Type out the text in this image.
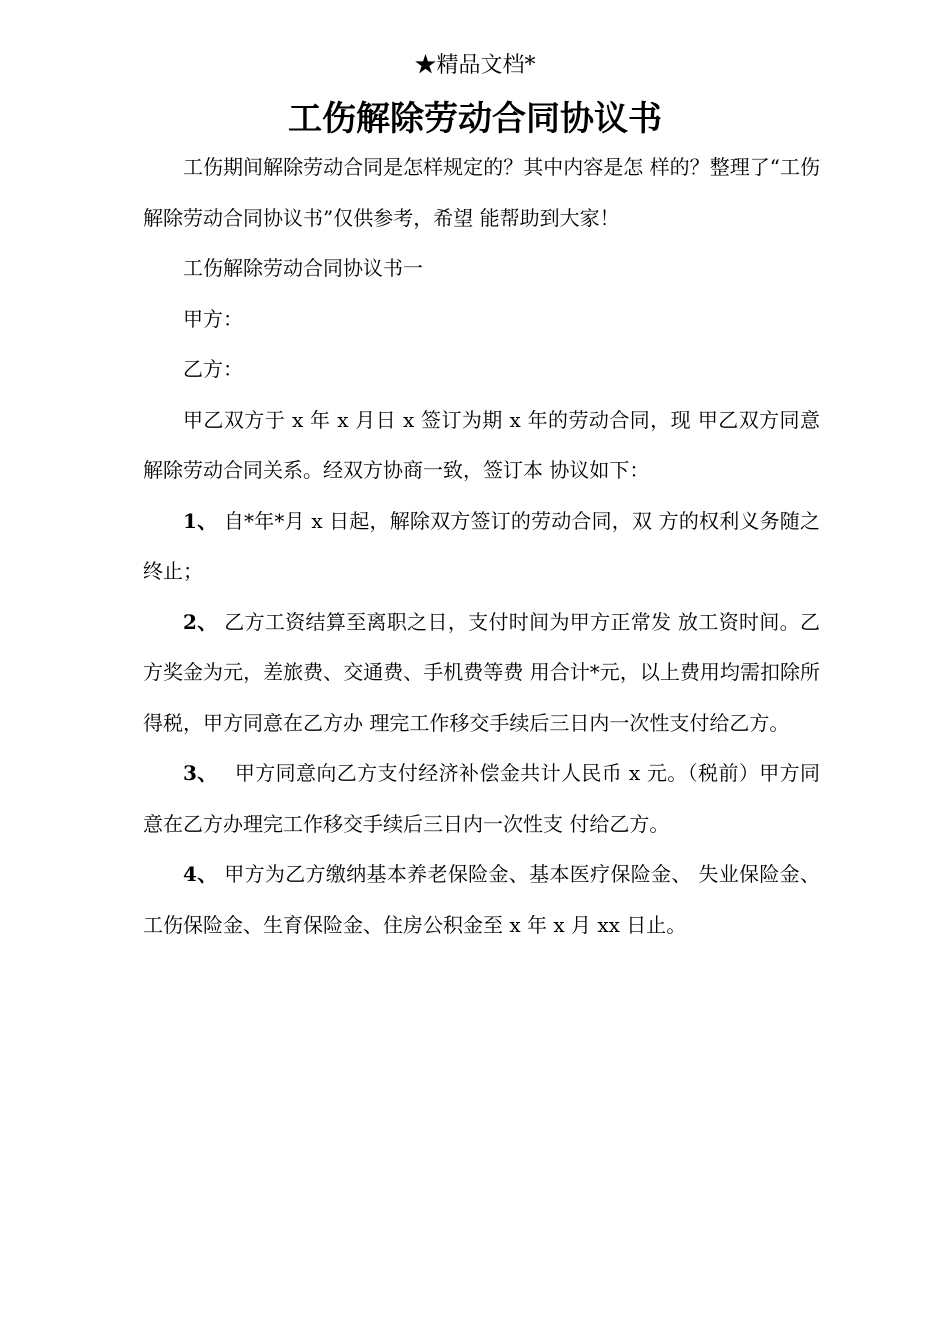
★精品文档*
工伤解除劳动合同协议书

工伤期间解除劳动合同是怎样规定的？其中内容是怎 样的？整理了“工伤解除劳动合同协议书”仅供参考，希望 能帮助到大家！

工伤解除劳动合同协议书一

甲方：

乙方：

甲乙双方于 x 年 x 月日 x 签订为期 x 年的劳动合同，现 甲乙双方同意解除劳动合同关系。经双方协商一致，签订本 协议如下：

1、 自*年*月 x 日起，解除双方签订的劳动合同，双 方的权利义务随之终止；

2、 乙方工资结算至离职之日，支付时间为甲方正常发 放工资时间。乙方奖金为元，差旅费、交通费、手机费等费 用合计*元，以上费用均需扣除所得税，甲方同意在乙方办 理完工作移交手续后三日内一次性支付给乙方。

3、　 甲方同意向乙方支付经济补偿金共计人民币 x 元。（税前）甲方同意在乙方办理完工作移交手续后三日内一次性支 付给乙方。

4、 甲方为乙方缴纳基本养老保险金、基本医疗保险金、 失业保险金、工伤保险金、生育保险金、住房公积金至 x 年 x 月 xx 日止。
